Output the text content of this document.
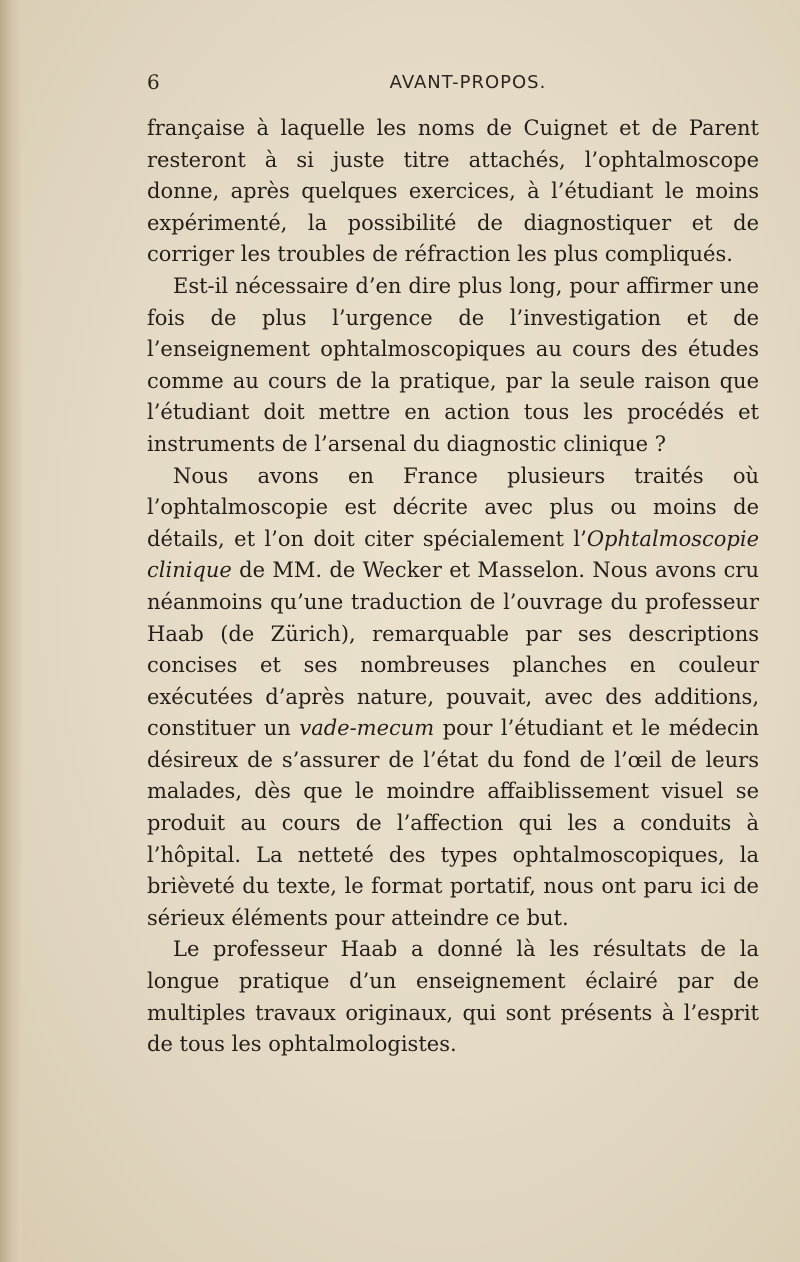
6	AVANT-PROPOS.

française à laquelle les noms de Cuignet et de Parent resteront à si juste titre attachés, l’ophtalmoscope donne, après quelques exercices, à l’étudiant le moins expérimenté, la possibilité de diagnostiquer et de corriger les troubles de réfraction les plus compliqués.

Est-il nécessaire d’en dire plus long, pour affirmer une fois de plus l’urgence de l’investigation et de l’enseignement ophtalmoscopiques au cours des études comme au cours de la pratique, par la seule raison que l’étudiant doit mettre en action tous les procédés et instruments de l’arsenal du diagnostic clinique ?

Nous avons en France plusieurs traités où l’ophtalmoscopie est décrite avec plus ou moins de détails, et l’on doit citer spécialement l’Ophtalmoscopie clinique de MM. de Wecker et Masselon. Nous avons cru néanmoins qu’une traduction de l’ouvrage du professeur Haab (de Zürich), remarquable par ses descriptions concises et ses nombreuses planches en couleur exécutées d’après nature, pouvait, avec des additions, constituer un vade-mecum pour l’étudiant et le médecin désireux de s’assurer de l’état du fond de l’œil de leurs malades, dès que le moindre affaiblissement visuel se produit au cours de l’affection qui les a conduits à l’hôpital. La netteté des types ophtalmoscopiques, la brièveté du texte, le format portatif, nous ont paru ici de sérieux éléments pour atteindre ce but.

Le professeur Haab a donné là les résultats de la longue pratique d’un enseignement éclairé par de multiples travaux originaux, qui sont présents à l’esprit de tous les ophtalmologistes.
